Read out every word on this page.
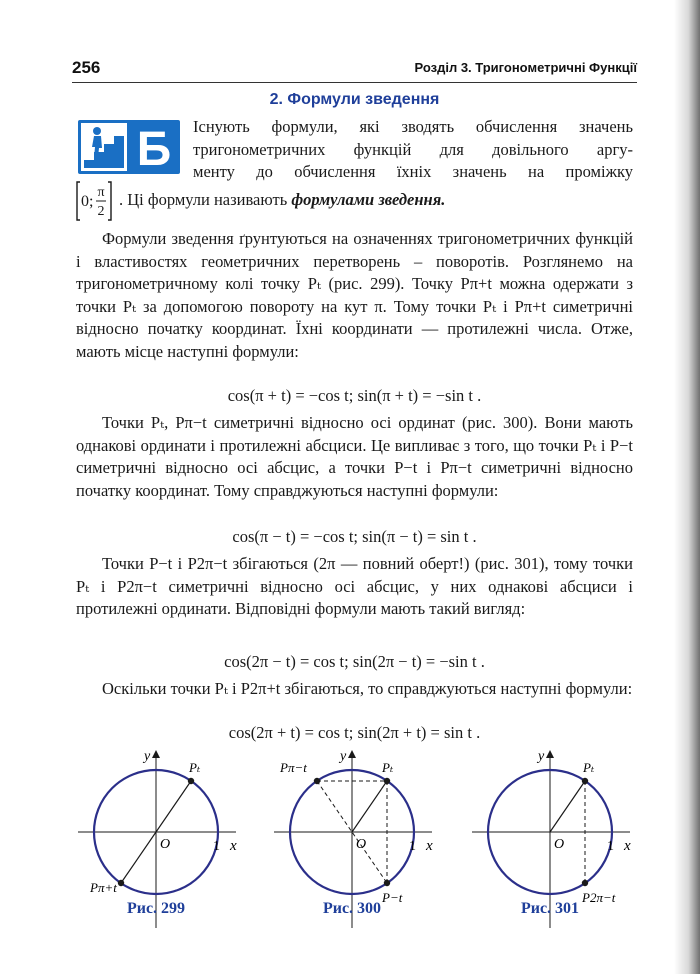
256	Розділ 3. Тригонометричні Функції
2. Формули зведення
Б Існують формули, які зводять обчислення значень
тригонометричних функцій для довільного аргу-
менту до обчислення їхніх значень на проміжку
0;
π
2
. Ці формули називають формулами зведення.

Формули зведення ґрунтуються на означеннях тригонометричних функцій і властивостях геометричних перетворень – поворотів. Розглянемо на тригонометричному колі точку Pₜ (рис. 299). Точку Pπ+t можна одержати з точки Pₜ за допомогою повороту на кут π. Тому точки Pₜ і Pπ+t симетричні відносно початку координат. Їхні координати — протилежні числа. Отже, мають місце наступні формули:

cos(π + t) = −cos t; sin(π + t) = −sin t .

Точки Pₜ, Pπ−t симетричні відносно осі ординат (рис. 300). Вони мають однакові ординати і протилежні абсциси. Це випливає з того, що точки Pₜ і P−t симетричні відносно осі абсцис, а точки P−t і Pπ−t симетричні відносно початку координат. Тому справджуються наступні формули:

cos(π − t) = −cos t; sin(π − t) = sin t .

Точки P−t і P2π−t збігаються (2π — повний оберт!) (рис. 301), тому точки Pₜ і P2π−t симетричні відносно осі абсцис, у них однакові абсциси і протилежні ординати. Відповідні формули мають такий вигляд:

cos(2π − t) = cos t; sin(2π − t) = −sin t .

Оскільки точки Pₜ і P2π+t збігаються, то справджуються наступні формули:

cos(2π + t) = cos t; sin(2π + t) = sin t .
y
x
1
O
Pₜ
Pπ+t
Рис. 299
y
x
1
O
Pₜ
Pπ−t
P−t
Рис. 300
y
x
1
O
Pₜ
P2π−t
Рис. 301
